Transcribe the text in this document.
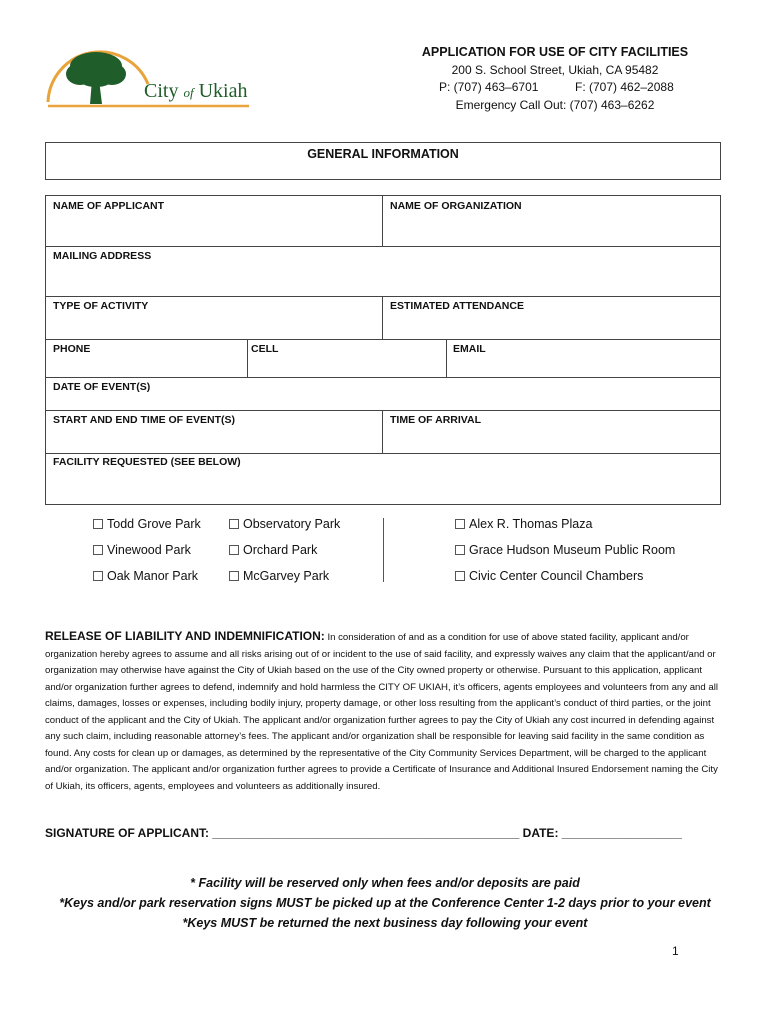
City of Ukiah
APPLICATION FOR USE OF CITY FACILITIES
200 S. School Street, Ukiah, CA 95482
P: (707) 463–6701	F: (707) 462–2088
Emergency Call Out: (707) 463–6262
GENERAL INFORMATION
NAME OF APPLICANT	NAME OF ORGANIZATION
MAILING ADDRESS
TYPE OF ACTIVITY	ESTIMATED ATTENDANCE
PHONE	CELL	EMAIL
DATE OF EVENT(S)
START AND END TIME OF EVENT(S)	TIME OF ARRIVAL
FACILITY REQUESTED (SEE BELOW)
Todd Grove Park	Observatory Park	Alex R. Thomas Plaza
Vinewood Park	Orchard Park	Grace Hudson Museum Public Room
Oak Manor Park	McGarvey Park	Civic Center Council Chambers
RELEASE OF LIABILITY AND INDEMNIFICATION: In consideration of and as a condition for use of above stated facility, applicant and/or organization hereby agrees to assume and all risks arising out of or incident to the use of said facility, and expressly waives any claim that the applicant/and or organization may otherwise have against the City of Ukiah based on the use of the City owned property or otherwise. Pursuant to this application, applicant and/or organization further agrees to defend, indemnify and hold harmless the CITY OF UKIAH, it’s officers, agents employees and volunteers from any and all claims, damages, losses or expenses, including bodily injury, property damage, or other loss resulting from the applicant’s conduct of third parties, or the joint conduct of the applicant and the City of Ukiah. The applicant and/or organization further agrees to pay the City of Ukiah any cost incurred in defending against any such claim, including reasonable attorney’s fees. The applicant and/or organization shall be responsible for leaving said facility in the same condition as found. Any costs for clean up or damages, as determined by the representative of the City Community Services Department, will be charged to the applicant and/or organization. The applicant and/or organization further agrees to provide a Certificate of Insurance and Additional Insured Endorsement naming the City of Ukiah, its officers, agents, employees and volunteers as additionally insured.
SIGNATURE OF APPLICANT: ______________________________________________ DATE: __________________
* Facility will be reserved only when fees and/or deposits are paid
*Keys and/or park reservation signs MUST be picked up at the Conference Center 1-2 days prior to your event
*Keys MUST be returned the next business day following your event
1
